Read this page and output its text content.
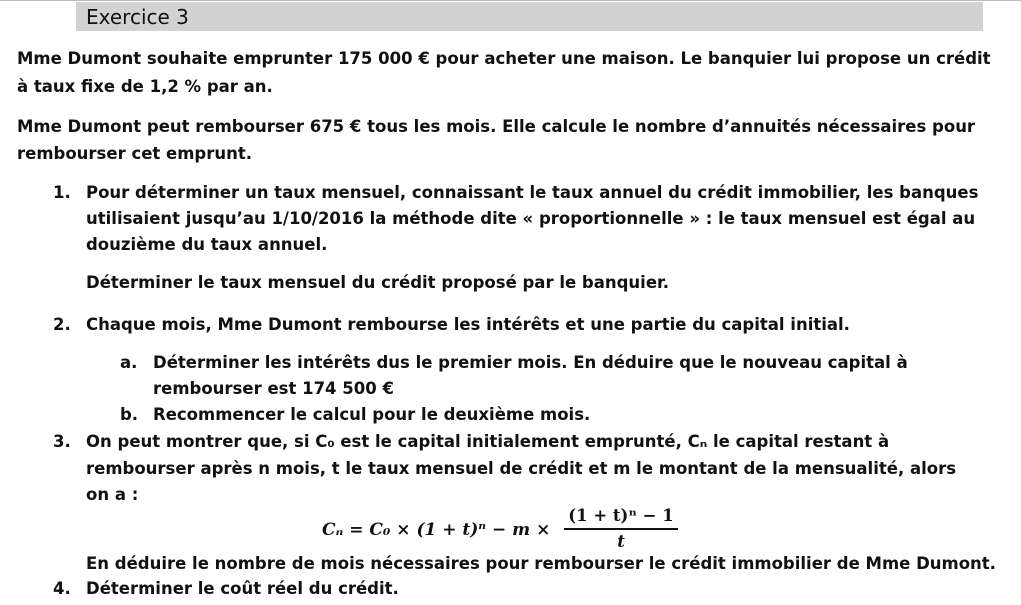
Exercice 3
Mme Dumont souhaite emprunter 175 000 € pour acheter une maison. Le banquier lui propose un crédit
à taux fixe de 1,2 % par an.
Mme Dumont peut rembourser 675 € tous les mois. Elle calcule le nombre d’annuités nécessaires pour
rembourser cet emprunt.
1. Pour déterminer un taux mensuel, connaissant le taux annuel du crédit immobilier, les banques
utilisaient jusqu’au 1/10/2016 la méthode dite « proportionnelle » : le taux mensuel est égal au
douzième du taux annuel.
Déterminer le taux mensuel du crédit proposé par le banquier.
2. Chaque mois, Mme Dumont rembourse les intérêts et une partie du capital initial.
a. Déterminer les intérêts dus le premier mois. En déduire que le nouveau capital à
rembourser est 174 500 €
b. Recommencer le calcul pour le deuxième mois.
3. On peut montrer que, si C₀ est le capital initialement emprunté, Cₙ le capital restant à
rembourser après n mois, t le taux mensuel de crédit et m le montant de la mensualité, alors
on a :
Cₙ = C₀ × (1 + t)ⁿ − m ×
(1 + t)ⁿ − 1
t
En déduire le nombre de mois nécessaires pour rembourser le crédit immobilier de Mme Dumont.
4. Déterminer le coût réel du crédit.
